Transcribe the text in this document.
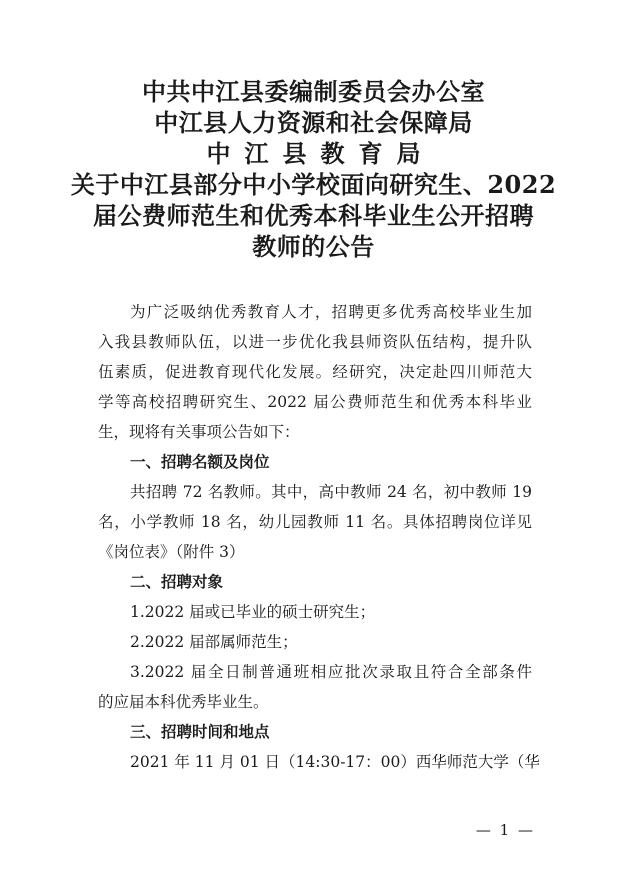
中共中江县委编制委员会办公室
中江县人力资源和社会保障局
中江县教育局
关于中江县部分中小学校面向研究生、2022
届公费师范生和优秀本科毕业生公开招聘
教师的公告
为广泛吸纳优秀教育人才，招聘更多优秀高校毕业生加
入我县教师队伍，以进一步优化我县师资队伍结构，提升队
伍素质，促进教育现代化发展。经研究，决定赴四川师范大
学等高校招聘研究生、2022 届公费师范生和优秀本科毕业
生，现将有关事项公告如下：
一、招聘名额及岗位
共招聘 72 名教师。其中，高中教师 24 名，初中教师 19
名，小学教师 18 名，幼儿园教师 11 名。具体招聘岗位详见
《岗位表》（附件 3）
二、招聘对象
1.2022 届或已毕业的硕士研究生；
2.2022 届部属师范生；
3.2022 届全日制普通班相应批次录取且符合全部条件
的应届本科优秀毕业生。
三、招聘时间和地点
2021 年 11 月 01 日（14:30-17：00）西华师范大学（华
— 1 —
